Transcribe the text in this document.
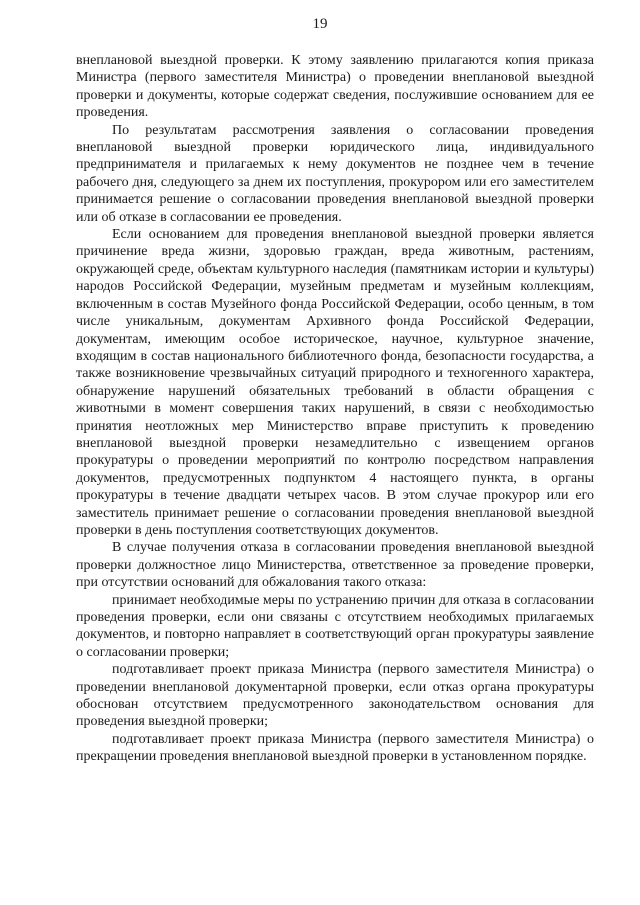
19

внеплановой выездной проверки. К этому заявлению прилагаются копия приказа Министра (первого заместителя Министра) о проведении внеплановой выездной проверки и документы, которые содержат сведения, послужившие основанием для ее проведения.

По результатам рассмотрения заявления о согласовании проведения внеплановой выездной проверки юридического лица, индивидуального предпринимателя и прилагаемых к нему документов не позднее чем в течение рабочего дня, следующего за днем их поступления, прокурором или его заместителем принимается решение о согласовании проведения внеплановой выездной проверки или об отказе в согласовании ее проведения.

Если основанием для проведения внеплановой выездной проверки является причинение вреда жизни, здоровью граждан, вреда животным, растениям, окружающей среде, объектам культурного наследия (памятникам истории и культуры) народов Российской Федерации, музейным предметам и музейным коллекциям, включенным в состав Музейного фонда Российской Федерации, особо ценным, в том числе уникальным, документам Архивного фонда Российской Федерации, документам, имеющим особое историческое, научное, культурное значение, входящим в состав национального библиотечного фонда, безопасности государства, а также возникновение чрезвычайных ситуаций природного и техногенного характера, обнаружение нарушений обязательных требований в области обращения с животными в момент совершения таких нарушений, в связи с необходимостью принятия неотложных мер Министерство вправе приступить к проведению внеплановой выездной проверки незамедлительно с извещением органов прокуратуры о проведении мероприятий по контролю посредством направления документов, предусмотренных подпунктом 4 настоящего пункта, в органы прокуратуры в течение двадцати четырех часов. В этом случае прокурор или его заместитель принимает решение о согласовании проведения внеплановой выездной проверки в день поступления соответствующих документов.

В случае получения отказа в согласовании проведения внеплановой выездной проверки должностное лицо Министерства, ответственное за проведение проверки, при отсутствии оснований для обжалования такого отказа:

принимает необходимые меры по устранению причин для отказа в согласовании проведения проверки, если они связаны с отсутствием необходимых прилагаемых документов, и повторно направляет в соответствующий орган прокуратуры заявление о согласовании проверки;

подготавливает проект приказа Министра (первого заместителя Министра) о проведении внеплановой документарной проверки, если отказ органа прокуратуры обоснован отсутствием предусмотренного законодательством основания для проведения выездной проверки;

подготавливает проект приказа Министра (первого заместителя Министра) о прекращении проведения внеплановой выездной проверки в установленном порядке.
